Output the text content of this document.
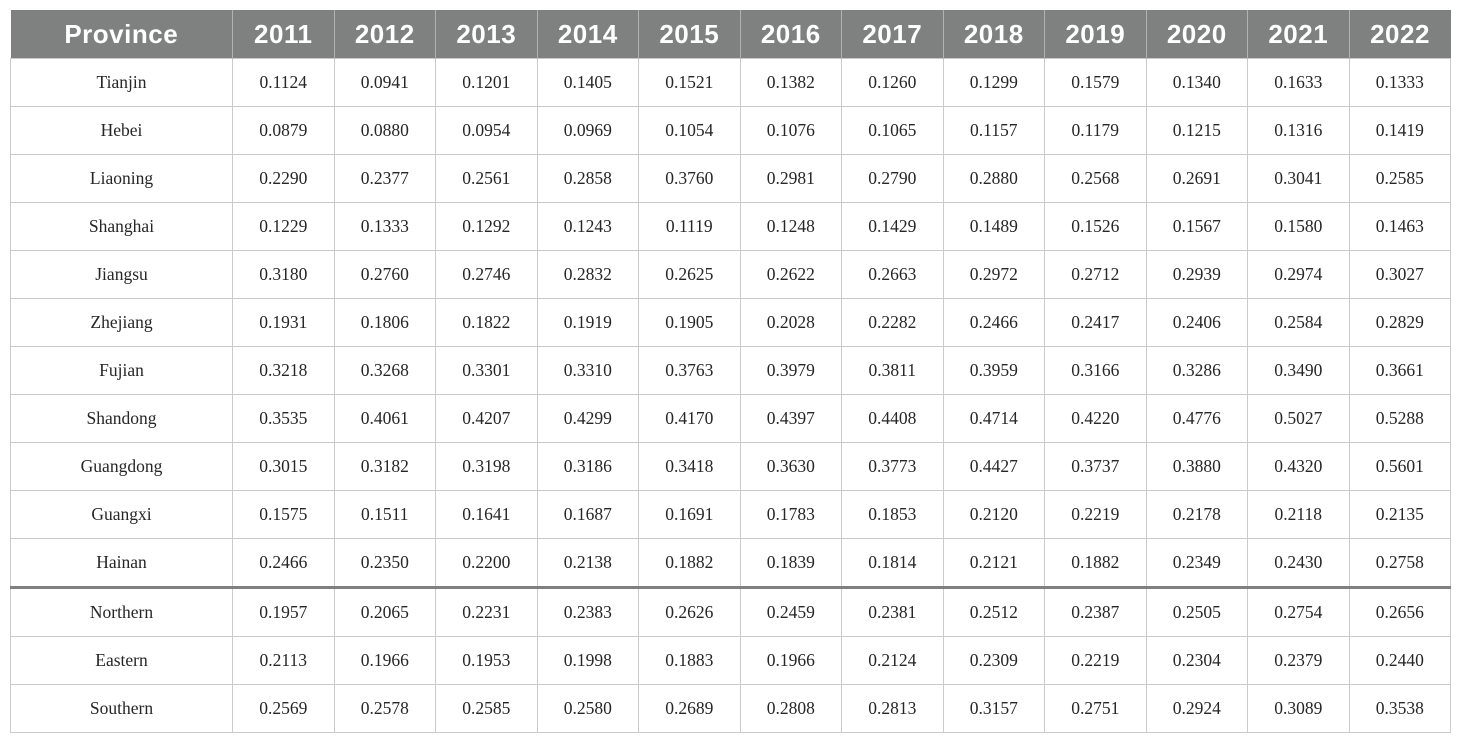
Province	2011	2012	2013	2014	2015	2016	2017	2018	2019	2020	2021	2022
Tianjin	0.1124	0.0941	0.1201	0.1405	0.1521	0.1382	0.1260	0.1299	0.1579	0.1340	0.1633	0.1333
Hebei	0.0879	0.0880	0.0954	0.0969	0.1054	0.1076	0.1065	0.1157	0.1179	0.1215	0.1316	0.1419
Liaoning	0.2290	0.2377	0.2561	0.2858	0.3760	0.2981	0.2790	0.2880	0.2568	0.2691	0.3041	0.2585
Shanghai	0.1229	0.1333	0.1292	0.1243	0.1119	0.1248	0.1429	0.1489	0.1526	0.1567	0.1580	0.1463
Jiangsu	0.3180	0.2760	0.2746	0.2832	0.2625	0.2622	0.2663	0.2972	0.2712	0.2939	0.2974	0.3027
Zhejiang	0.1931	0.1806	0.1822	0.1919	0.1905	0.2028	0.2282	0.2466	0.2417	0.2406	0.2584	0.2829
Fujian	0.3218	0.3268	0.3301	0.3310	0.3763	0.3979	0.3811	0.3959	0.3166	0.3286	0.3490	0.3661
Shandong	0.3535	0.4061	0.4207	0.4299	0.4170	0.4397	0.4408	0.4714	0.4220	0.4776	0.5027	0.5288
Guangdong	0.3015	0.3182	0.3198	0.3186	0.3418	0.3630	0.3773	0.4427	0.3737	0.3880	0.4320	0.5601
Guangxi	0.1575	0.1511	0.1641	0.1687	0.1691	0.1783	0.1853	0.2120	0.2219	0.2178	0.2118	0.2135
Hainan	0.2466	0.2350	0.2200	0.2138	0.1882	0.1839	0.1814	0.2121	0.1882	0.2349	0.2430	0.2758
Northern	0.1957	0.2065	0.2231	0.2383	0.2626	0.2459	0.2381	0.2512	0.2387	0.2505	0.2754	0.2656
Eastern	0.2113	0.1966	0.1953	0.1998	0.1883	0.1966	0.2124	0.2309	0.2219	0.2304	0.2379	0.2440
Southern	0.2569	0.2578	0.2585	0.2580	0.2689	0.2808	0.2813	0.3157	0.2751	0.2924	0.3089	0.3538
